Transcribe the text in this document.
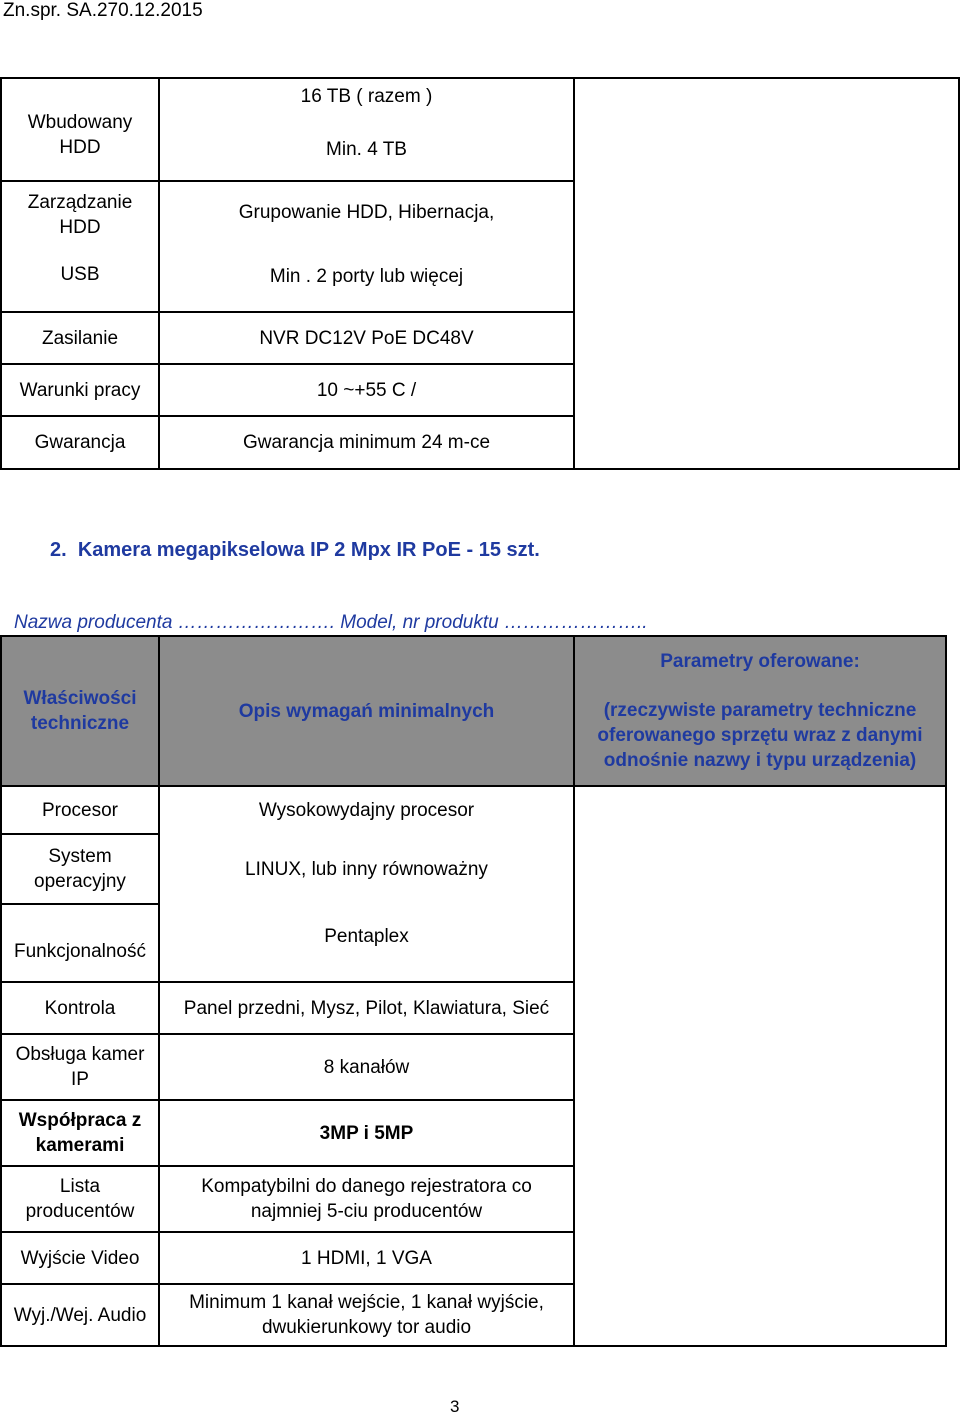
Zn.spr. SA.270.12.2015
Wbudowany HDD	16 TB ( razem )
Min. 4 TB	

Zarządzanie HDD	Grupowanie HDD, Hibernacja,	

USB	Min . 2 porty lub więcej	

Zasilanie	NVR DC12V PoE DC48V	

Warunki pracy	10 ~+55 C /	

Gwarancja	Gwarancja minimum 24 m-ce	
2. Kamera megapikselowa IP 2 Mpx IR PoE - 15 szt.
Nazwa producenta ……………………. Model, nr produktu …………………..
Właściwości techniczne	Opis wymagań minimalnych	Parametry oferowane:
(rzeczywiste parametry techniczne oferowanego sprzętu wraz z danymi odnośnie nazwy i typu urządzenia)

Procesor	Wysokowydajny procesor	

System operacyjny	LINUX, lub inny równoważny	

Funkcjonalność	Pentaplex	

Kontrola	Panel przedni, Mysz, Pilot, Klawiatura, Sieć	

Obsługa kamer IP	8 kanałów	

Współpraca z kamerami	3MP i 5MP	

Lista producentów	Kompatybilni do danego rejestratora co najmniej 5-ciu producentów	

Wyjście Video	1 HDMI, 1 VGA	

Wyj./Wej. Audio	Minimum 1 kanał wejście, 1 kanał wyjście, dwukierunkowy tor audio	
3
